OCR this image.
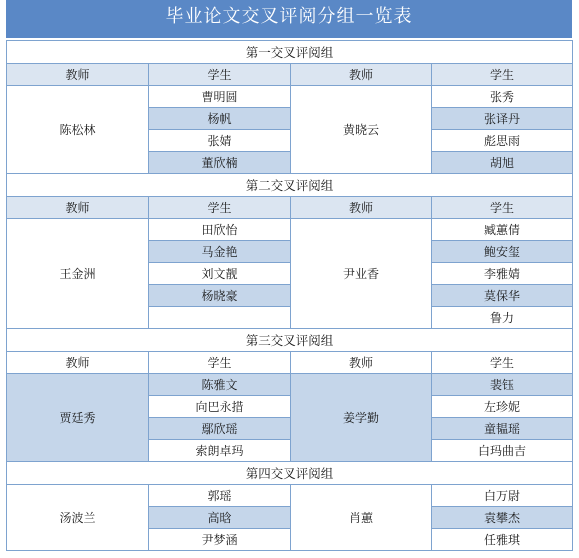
毕业论文交叉评阅分组一览表
第一交叉评阅组			
教师	学生	教师	学生
陈松林	曹明圆	黄晓云	张秀
	杨帆		张译丹
	张婧		彪思雨
	董欣楠		胡旭
第二交叉评阅组			
教师	学生	教师	学生
王金洲	田欣怡	尹业香	臧蕙倩
	马金艳		鲍安玺
	刘文靓		李雅婧
	杨晓豪		莫保华
			鲁力
第三交叉评阅组			
教师	学生	教师	学生
贾廷秀	陈雅文	姜学勤	裴钰
	向巴永措		左珍妮
	鄢欣瑶		童韫瑶
	索朗卓玛		白玛曲吉
第四交叉评阅组			
汤波兰	郭瑶	肖蕙	白万尉
	高晗		袁攀杰
	尹梦涵		任雅琪
